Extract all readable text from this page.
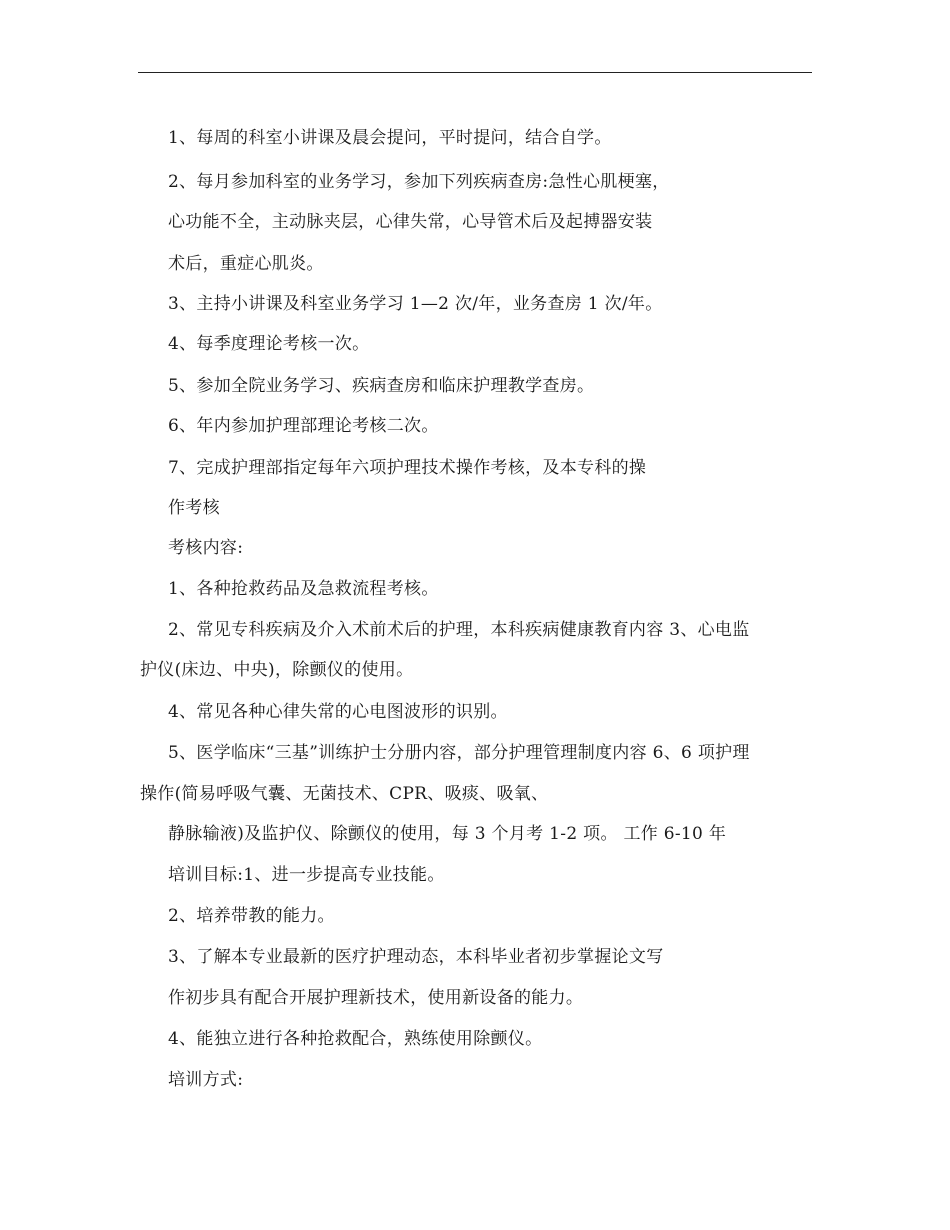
1、每周的科室小讲课及晨会提问，平时提问，结合自学。
2、每月参加科室的业务学习，参加下列疾病查房:急性心肌梗塞，
心功能不全，主动脉夹层，心律失常，心导管术后及起搏器安装
术后，重症心肌炎。
3、主持小讲课及科室业务学习 1—2 次/年，业务查房 1 次/年。
4、每季度理论考核一次。
5、参加全院业务学习、疾病查房和临床护理教学查房。
6、年内参加护理部理论考核二次。
7、完成护理部指定每年六项护理技术操作考核，及本专科的操
作考核
考核内容:
1、各种抢救药品及急救流程考核。
2、常见专科疾病及介入术前术后的护理，本科疾病健康教育内容 3、心电监
护仪(床边、中央)，除颤仪的使用。
4、常见各种心律失常的心电图波形的识别。
5、医学临床“三基”训练护士分册内容，部分护理管理制度内容 6、6 项护理
操作(简易呼吸气囊、无菌技术、CPR、吸痰、吸氧、
静脉输液)及监护仪、除颤仪的使用，每 3 个月考 1-2 项。 工作 6-10 年
培训目标:1、进一步提高专业技能。
2、培养带教的能力。
3、了解本专业最新的医疗护理动态，本科毕业者初步掌握论文写
作初步具有配合开展护理新技术，使用新设备的能力。
4、能独立进行各种抢救配合，熟练使用除颤仪。
培训方式:
